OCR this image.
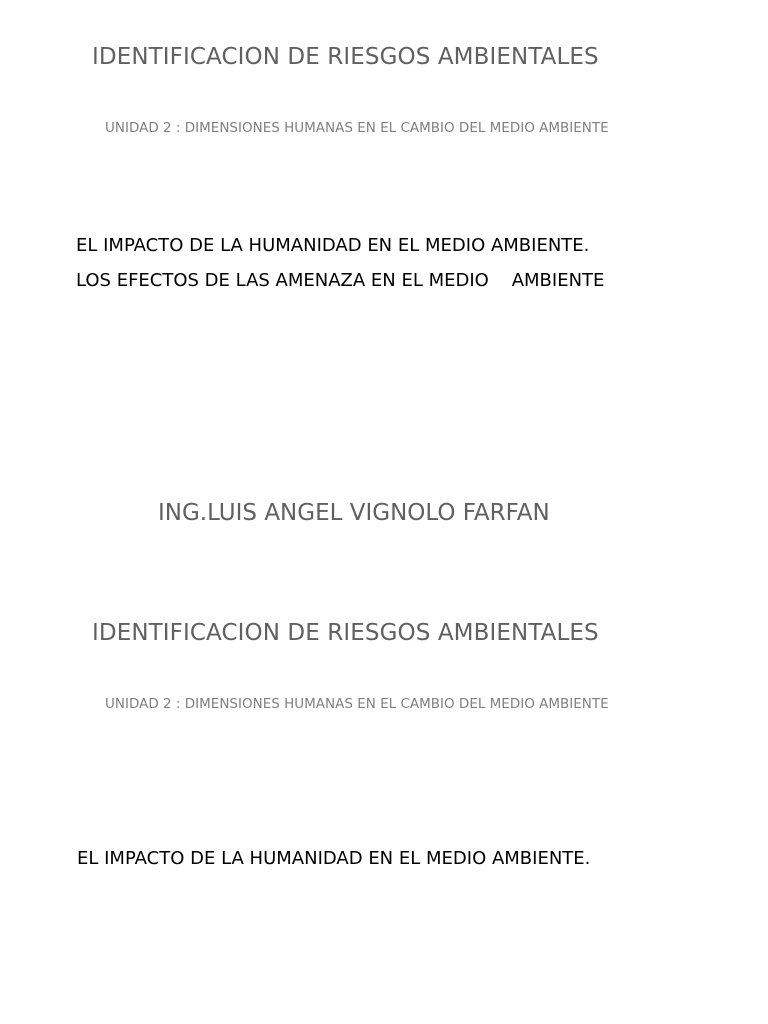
IDENTIFICACION DE RIESGOS AMBIENTALES
UNIDAD 2 : DIMENSIONES HUMANAS EN EL CAMBIO DEL MEDIO AMBIENTE

EL IMPACTO DE LA HUMANIDAD EN EL MEDIO AMBIENTE.

LOS EFECTOS DE LAS AMENAZA EN EL MEDIO    AMBIENTE

ING.LUIS ANGEL VIGNOLO FARFAN
IDENTIFICACION DE RIESGOS AMBIENTALES
UNIDAD 2 : DIMENSIONES HUMANAS EN EL CAMBIO DEL MEDIO AMBIENTE

EL IMPACTO DE LA HUMANIDAD EN EL MEDIO AMBIENTE.
